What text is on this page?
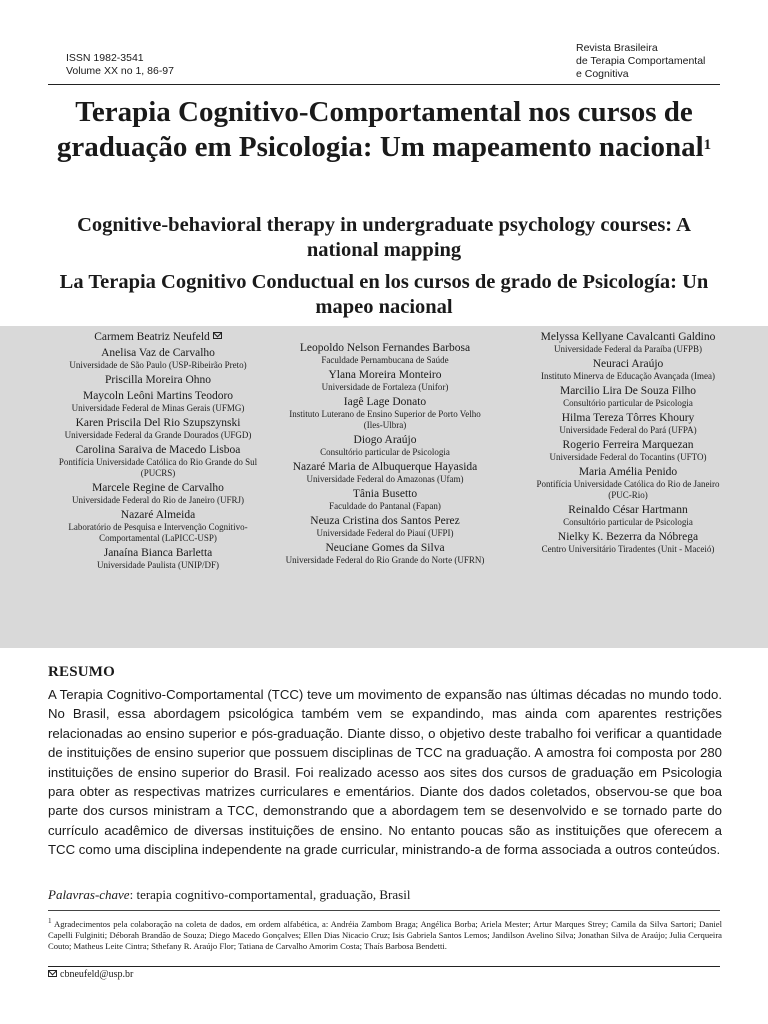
ISSN 1982-3541
Volume XX no 1, 86-97
Revista Brasileira
de Terapia Comportamental
e Cognitiva
Terapia Cognitivo-Comportamental nos cursos de graduação em Psicologia: Um mapeamento nacional$^1$
Cognitive-behavioral therapy in undergraduate psychology courses: A national mapping
La Terapia Cognitivo Conductual en los cursos de grado de Psicología: Un mapeo nacional
Carmem Beatriz Neufeld
Anelisa Vaz de Carvalho
Universidade de São Paulo (USP-Ribeirão Preto)
Priscilla Moreira Ohno
Maycoln Leôni Martins Teodoro
Universidade Federal de Minas Gerais (UFMG)
Karen Priscila Del Rio Szupszynski
Universidade Federal da Grande Dourados (UFGD)
Carolina Saraiva de Macedo Lisboa
Pontifícia Universidade Católica do Rio Grande do Sul (PUCRS)
Marcele Regine de Carvalho
Universidade Federal do Rio de Janeiro (UFRJ)
Nazaré Almeida
Laboratório de Pesquisa e Intervenção Cognitivo-Comportamental (LaPICC-USP)
Janaína Bianca Barletta
Universidade Paulista (UNIP/DF)
Leopoldo Nelson Fernandes Barbosa
Faculdade Pernambucana de Saúde
Ylana Moreira Monteiro
Universidade de Fortaleza (Unifor)
Iagê Lage Donato
Instituto Luterano de Ensino Superior de Porto Velho (Iles-Ulbra)
Diogo Araújo
Consultório particular de Psicologia
Nazaré Maria de Albuquerque Hayasida
Universidade Federal do Amazonas (Ufam)
Tânia Busetto
Faculdade do Pantanal (Fapan)
Neuza Cristina dos Santos Perez
Universidade Federal do Piauí (UFPI)
Neuciane Gomes da Silva
Universidade Federal do Rio Grande do Norte (UFRN)
Melyssa Kellyane Cavalcanti Galdino
Universidade Federal da Paraíba (UFPB)
Neuraci Araújo
Instituto Minerva de Educação Avançada (Imea)
Marcilio Lira De Souza Filho
Consultório particular de Psicologia
Hilma Tereza Tôrres Khoury
Universidade Federal do Pará (UFPA)
Rogerio Ferreira Marquezan
Universidade Federal do Tocantins (UFTO)
Maria Amélia Penido
Pontifícia Universidade Católica do Rio de Janeiro (PUC-Rio)
Reinaldo César Hartmann
Consultório particular de Psicologia
Nielky K. Bezerra da Nóbrega
Centro Universitário Tiradentes (Unit - Maceió)
RESUMO

A Terapia Cognitivo-Comportamental (TCC) teve um movimento de expansão nas últimas décadas no mundo todo. No Brasil, essa abordagem psicológica também vem se expandindo, mas ainda com aparentes restrições relacionadas ao ensino superior e pós-graduação. Diante disso, o objetivo deste trabalho foi verificar a quantidade de instituições de ensino superior que possuem disciplinas de TCC na graduação. A amostra foi composta por 280 instituições de ensino superior do Brasil. Foi realizado acesso aos sites dos cursos de graduação em Psicologia para obter as respectivas matrizes curriculares e ementários. Diante dos dados coletados, observou-se que boa parte dos cursos ministram a TCC, demonstrando que a abordagem tem se desenvolvido e se tornado parte do currículo acadêmico de diversas instituições de ensino. No entanto poucas são as instituições que oferecem a TCC como uma disciplina independente na grade curricular, ministrando-a de forma associada a outros conteúdos.

Palavras-chave: terapia cognitivo-comportamental, graduação, Brasil

$^1$ Agradecimentos pela colaboração na coleta de dados, em ordem alfabética, a: Andréia Zambom Braga; Angélica Borba; Ariela Mester; Artur Marques Strey; Camila da Silva Sartori; Daniel Capelli Fulginiti; Déborah Brandão de Souza; Diego Macedo Gonçalves; Ellen Dias Nicacio Cruz; Isis Gabriela Santos Lemos; Jandilson Avelino Silva; Jonathan Silva de Araújo; Julia Cerqueira Couto; Matheus Leite Cintra; Sthefany R. Araújo Flor; Tatiana de Carvalho Amorim Costa; Thaís Barbosa Bendetti.

cbneufeld@usp.br
